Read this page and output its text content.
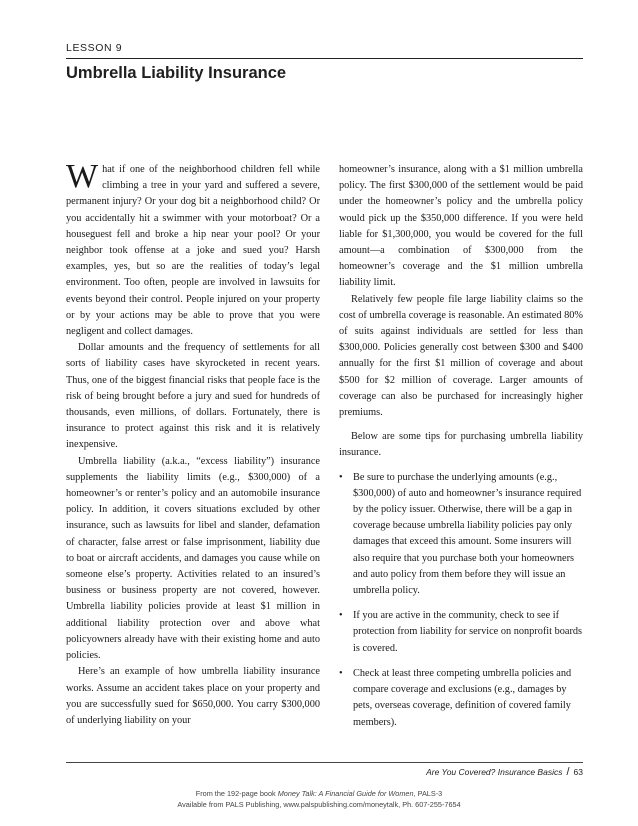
LESSON 9
Umbrella Liability Insurance

What if one of the neighborhood children fell while climbing a tree in your yard and suffered a severe, permanent injury? Or your dog bit a neighborhood child? Or you accidentally hit a swimmer with your motorboat? Or a houseguest fell and broke a hip near your pool? Or your neighbor took offense at a joke and sued you? Harsh examples, yes, but so are the realities of today’s legal environment. Too often, people are involved in lawsuits for events beyond their control. People injured on your property or by your actions may be able to prove that you were negligent and collect damages.

Dollar amounts and the frequency of settlements for all sorts of liability cases have skyrocketed in recent years. Thus, one of the biggest financial risks that people face is the risk of being brought before a jury and sued for hundreds of thousands, even millions, of dollars. Fortunately, there is insurance to protect against this risk and it is relatively inexpensive.

Umbrella liability (a.k.a., “excess liability”) insurance supplements the liability limits (e.g., $300,000) of a homeowner’s or renter’s policy and an automobile insurance policy. In addition, it covers situations excluded by other insurance, such as lawsuits for libel and slander, defamation of character, false arrest or false imprisonment, liability due to boat or aircraft accidents, and damages you cause while on someone else’s property. Activities related to an insured’s business or business property are not covered, however. Umbrella liability policies provide at least $1 million in additional liability protection over and above what policyowners already have with their existing home and auto policies.

Here’s an example of how umbrella liability insurance works. Assume an accident takes place on your property and you are successfully sued for $650,000. You carry $300,000 of underlying liability on your

homeowner’s insurance, along with a $1 million umbrella policy. The first $300,000 of the settlement would be paid under the homeowner’s policy and the umbrella policy would pick up the $350,000 difference. If you were held liable for $1,300,000, you would be covered for the full amount—a combination of $300,000 from the homeowner’s coverage and the $1 million umbrella liability limit.

Relatively few people file large liability claims so the cost of umbrella coverage is reasonable. An estimated 80% of suits against individuals are settled for less than $300,000. Policies generally cost between $300 and $400 annually for the first $1 million of coverage and about $500 for $2 million of coverage. Larger amounts of coverage can also be purchased for increasingly higher premiums.

Below are some tips for purchasing umbrella liability insurance.

• Be sure to purchase the underlying amounts (e.g., $300,000) of auto and homeowner’s insurance required by the policy issuer. Otherwise, there will be a gap in coverage because umbrella liability policies pay only damages that exceed this amount. Some insurers will also require that you purchase both your homeowners and auto policy from them before they will issue an umbrella policy.
• If you are active in the community, check to see if protection from liability for service on nonprofit boards is covered.
• Check at least three competing umbrella policies and compare coverage and exclusions (e.g., damages by pets, overseas coverage, definition of covered family members).
Are You Covered? Insurance Basics / 63
From the 192-page book Money Talk: A Financial Guide for Women, PALS-3
Available from PALS Publishing, www.palspublishing.com/moneytalk, Ph. 607-255-7654
